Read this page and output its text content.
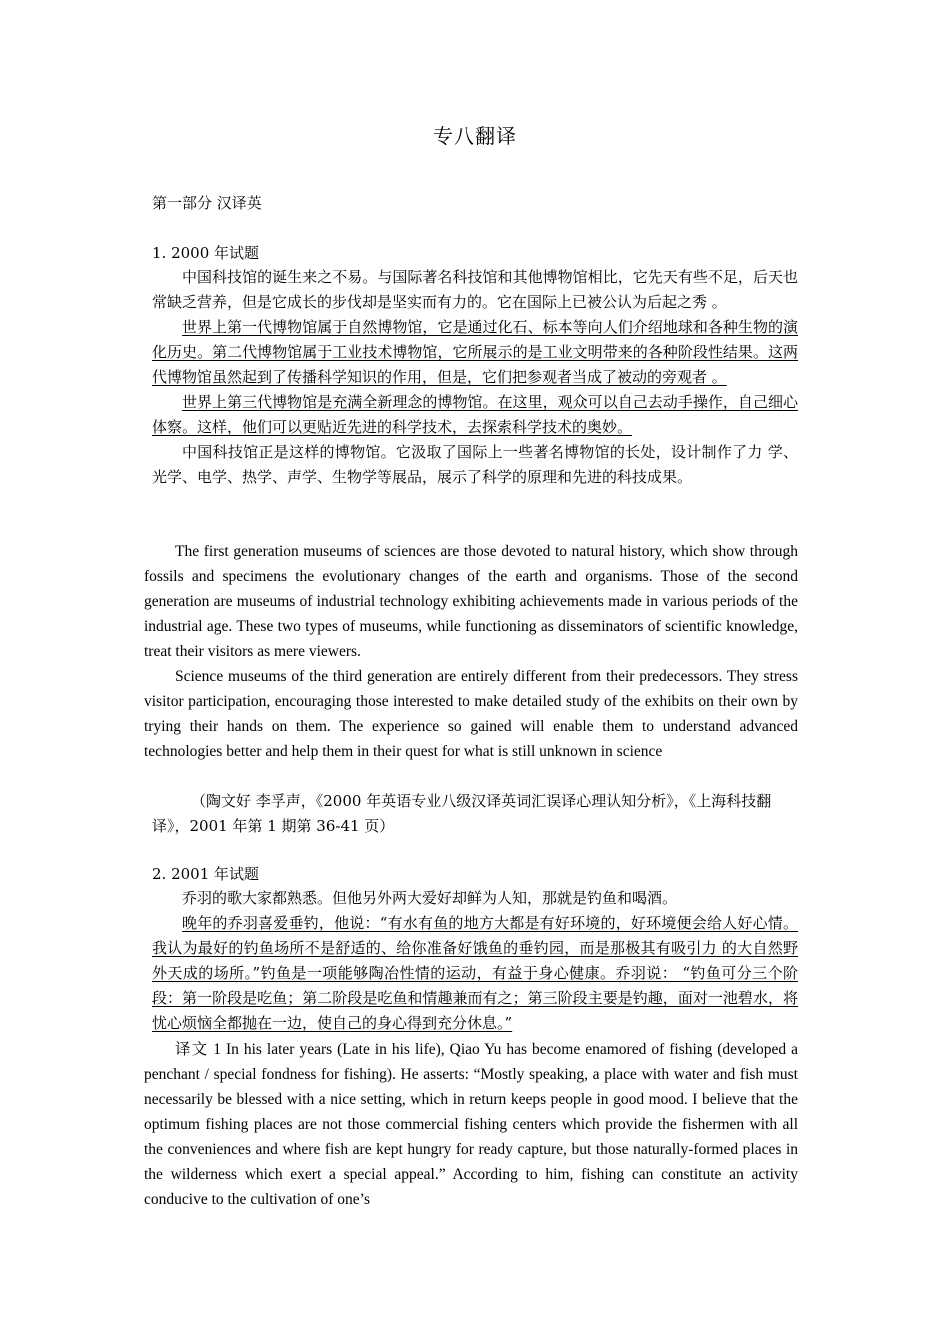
专八翻译
第一部分 汉译英

1. 2000 年试题

中国科技馆的诞生来之不易。与国际著名科技馆和其他博物馆相比，它先天有些不足，后天也常缺乏营养，但是它成长的步伐却是坚实而有力的。它在国际上已被公认为后起之秀 。

世界上第一代博物馆属于自然博物馆，它是通过化石、标本等向人们介绍地球和各种生物的演化历史。第二代博物馆属于工业技术博物馆，它所展示的是工业文明带来的各种阶段性结果。这两代博物馆虽然起到了传播科学知识的作用，但是，它们把参观者当成了被动的旁观者 。

世界上第三代博物馆是充满全新理念的博物馆。在这里，观众可以自己去动手操作，自己细心体察。这样，他们可以更贴近先进的科学技术，去探索科学技术的奥妙。

中国科技馆正是这样的博物馆。它汲取了国际上一些著名博物馆的长处，设计制作了力 学、光学、电学、热学、声学、生物学等展品，展示了科学的原理和先进的科技成果。

The first generation museums of sciences are those devoted to natural history, which show through fossils and specimens the evolutionary changes of the earth and organisms. Those of the second generation are museums of industrial technology exhibiting achievements made in various periods of the industrial age. These two types of museums, while functioning as disseminators of scientific knowledge, treat their visitors as mere viewers.

Science museums of the third generation are entirely different from their predecessors. They stress visitor participation, encouraging those interested to make detailed study of the exhibits on their own by trying their hands on them. The experience so gained will enable them to understand advanced technologies better and help them in their quest for what is still unknown in science

（陶文好 李孚声，《2000 年英语专业八级汉译英词汇误译心理认知分析》，《上海科技翻译》，2001 年第 1 期第 36-41 页）

2. 2001 年试题

乔羽的歌大家都熟悉。但他另外两大爱好却鲜为人知，那就是钓鱼和喝酒。

晚年的乔羽喜爱垂钓，他说：“有水有鱼的地方大都是有好环境的，好环境便会给人好心情。我认为最好的钓鱼场所不是舒适的、给你准备好饿鱼的垂钓园，而是那极其有吸引力 的大自然野外天成的场所。”钓鱼是一项能够陶冶性情的运动，有益于身心健康。乔羽说： “钓鱼可分三个阶段：第一阶段是吃鱼；第二阶段是吃鱼和情趣兼而有之；第三阶段主要是钓趣，面对一池碧水，将忧心烦恼全都抛在一边，使自己的身心得到充分休息。”

译文 1 In his later years (Late in his life), Qiao Yu has become enamored of fishing (developed a penchant / special fondness for fishing). He asserts: “Mostly speaking, a place with water and fish must necessarily be blessed with a nice setting, which in return keeps people in good mood. I believe that the optimum fishing places are not those commercial fishing centers which provide the fishermen with all the conveniences and where fish are kept hungry for ready capture, but those naturally-formed places in the wilderness which exert a special appeal.” According to him, fishing can constitute an activity conducive to the cultivation of one’s
